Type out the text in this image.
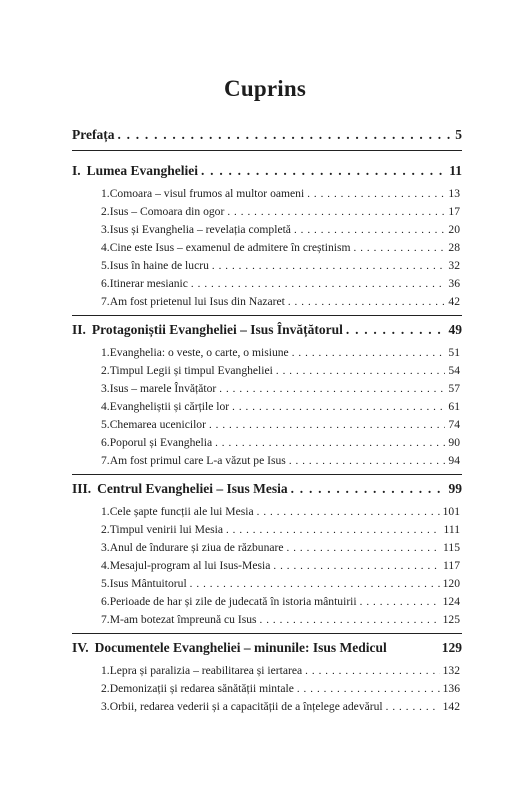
Cuprins
Prefața . . .	5
I. Lumea Evangheliei . . .	11
1. Comoara – visul frumos al multor oameni . . .	13
2. Isus – Comoara din ogor . . .	17
3. Isus și Evanghelia – revelația completă . . .	20
4. Cine este Isus – examenul de admitere în creștinism . . .	28
5. Isus în haine de lucru . . .	32
6. Itinerar mesianic . . .	36
7. Am fost prietenul lui Isus din Nazaret . . .	42
II. Protagoniștii Evangheliei – Isus Învățătorul . . .	49
1. Evanghelia: o veste, o carte, o misiune . . .	51
2. Timpul Legii și timpul Evangheliei . . .	54
3. Isus – marele Învățător . . .	57
4. Evangheliștii și cărțile lor . . .	61
5. Chemarea ucenicilor . . .	74
6. Poporul și Evanghelia . . .	90
7. Am fost primul care L-a văzut pe Isus . . .	94
III. Centrul Evangheliei – Isus Mesia . . .	99
1. Cele șapte funcții ale lui Mesia . . .	101
2. Timpul venirii lui Mesia . . .	111
3. Anul de îndurare și ziua de răzbunare . . .	115
4. Mesajul-program al lui Isus-Mesia . . .	117
5. Isus Mântuitorul . . .	120
6. Perioade de har și zile de judecată în istoria mântuirii . . .	124
7. M-am botezat împreună cu Isus . . .	125
IV. Documentele Evangheliei – minunile: Isus Medicul	129
1. Lepra și paralizia – reabilitarea și iertarea . . .	132
2. Demonizații și redarea sănătății mintale . . .	136
3. Orbii, redarea vederii și a capacității de a înțelege adevărul . . .	142
